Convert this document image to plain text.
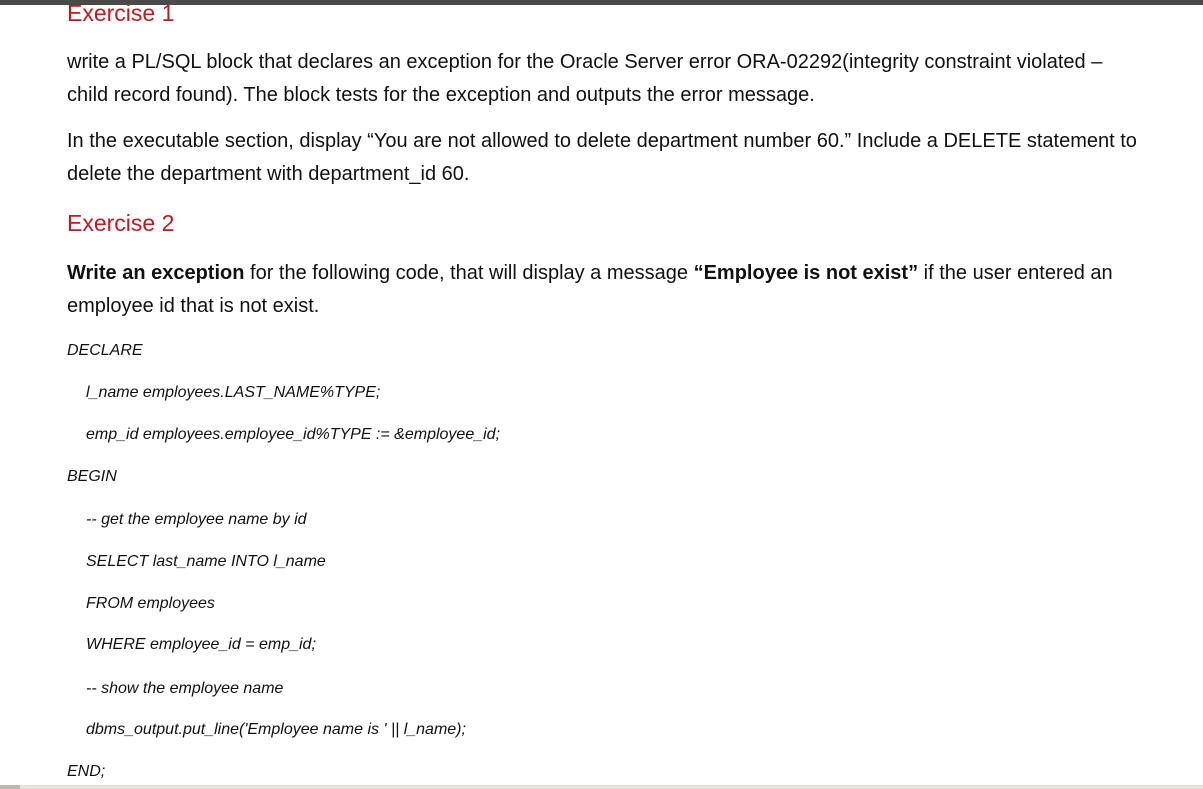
Exercise 1

write a PL/SQL block that declares an exception for the Oracle Server error ORA-02292(integrity constraint violated – child record found). The block tests for the exception and outputs the error message.

In the executable section, display “You are not allowed to delete department number 60.” Include a DELETE statement to delete the department with department_id 60.

Exercise 2

Write an exception for the following code, that will display a message “Employee is not exist” if the user entered an employee id that is not exist.

DECLARE

l_name employees.LAST_NAME%TYPE;

emp_id employees.employee_id%TYPE := &employee_id;

BEGIN

-- get the employee name by id

SELECT last_name INTO l_name

FROM employees

WHERE employee_id = emp_id;

-- show the employee name

dbms_output.put_line('Employee name is ' || l_name);

END;
